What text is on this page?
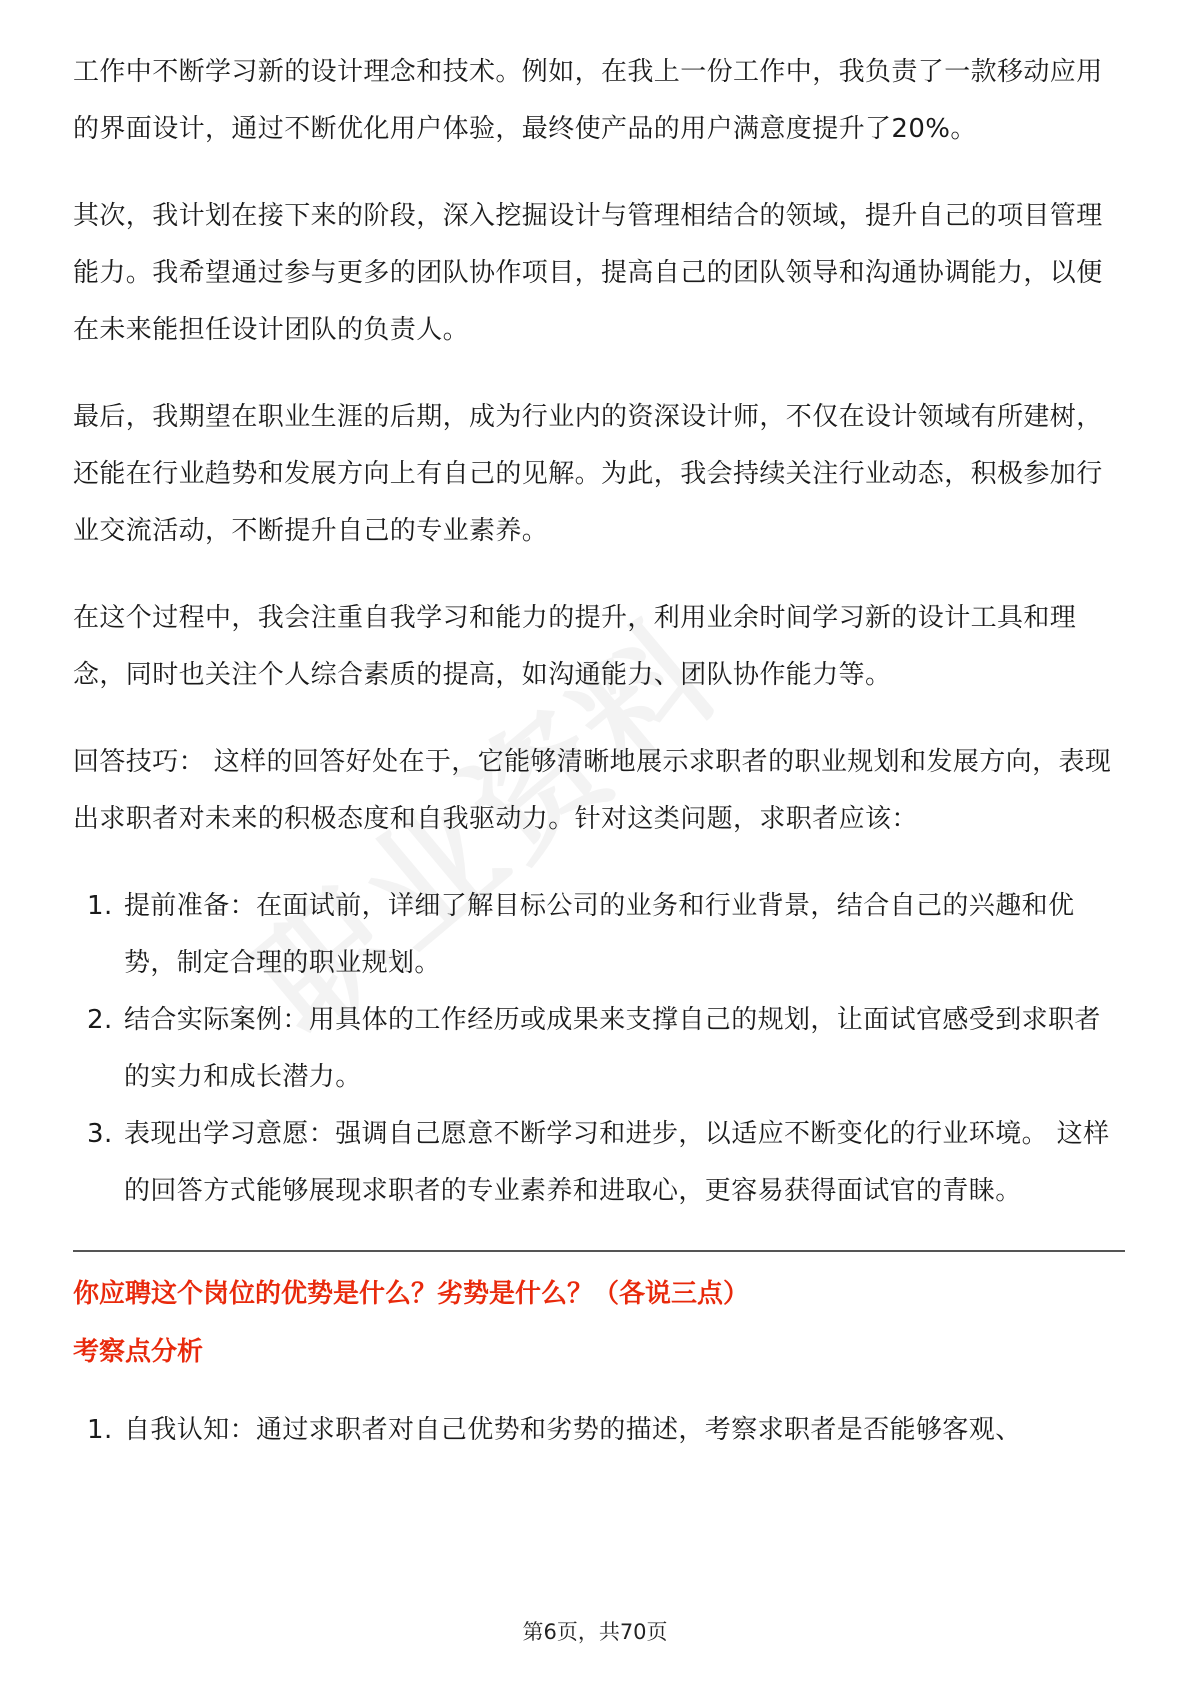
工作中不断学习新的设计理念和技术。例如，在我上一份工作中，我负责了一款移动应用的界面设计，通过不断优化用户体验，最终使产品的用户满意度提升了20%。

其次，我计划在接下来的阶段，深入挖掘设计与管理相结合的领域，提升自己的项目管理能力。我希望通过参与更多的团队协作项目，提高自己的团队领导和沟通协调能力，以便在未来能担任设计团队的负责人。

最后，我期望在职业生涯的后期，成为行业内的资深设计师，不仅在设计领域有所建树，还能在行业趋势和发展方向上有自己的见解。为此，我会持续关注行业动态，积极参加行业交流活动，不断提升自己的专业素养。

在这个过程中，我会注重自我学习和能力的提升，利用业余时间学习新的设计工具和理念，同时也关注个人综合素质的提高，如沟通能力、团队协作能力等。

回答技巧： 这样的回答好处在于，它能够清晰地展示求职者的职业规划和发展方向，表现出求职者对未来的积极态度和自我驱动力。针对这类问题，求职者应该：

1. 提前准备：在面试前，详细了解目标公司的业务和行业背景，结合自己的兴趣和优势，制定合理的职业规划。
2. 结合实际案例：用具体的工作经历或成果来支撑自己的规划，让面试官感受到求职者的实力和成长潜力。
3. 表现出学习意愿：强调自己愿意不断学习和进步，以适应不断变化的行业环境。 这样的回答方式能够展现求职者的专业素养和进取心，更容易获得面试官的青睐。

你应聘这个岗位的优势是什么？劣势是什么？（各说三点）

考察点分析

1. 自我认知：通过求职者对自己优势和劣势的描述，考察求职者是否能够客观、
第6页，共70页
